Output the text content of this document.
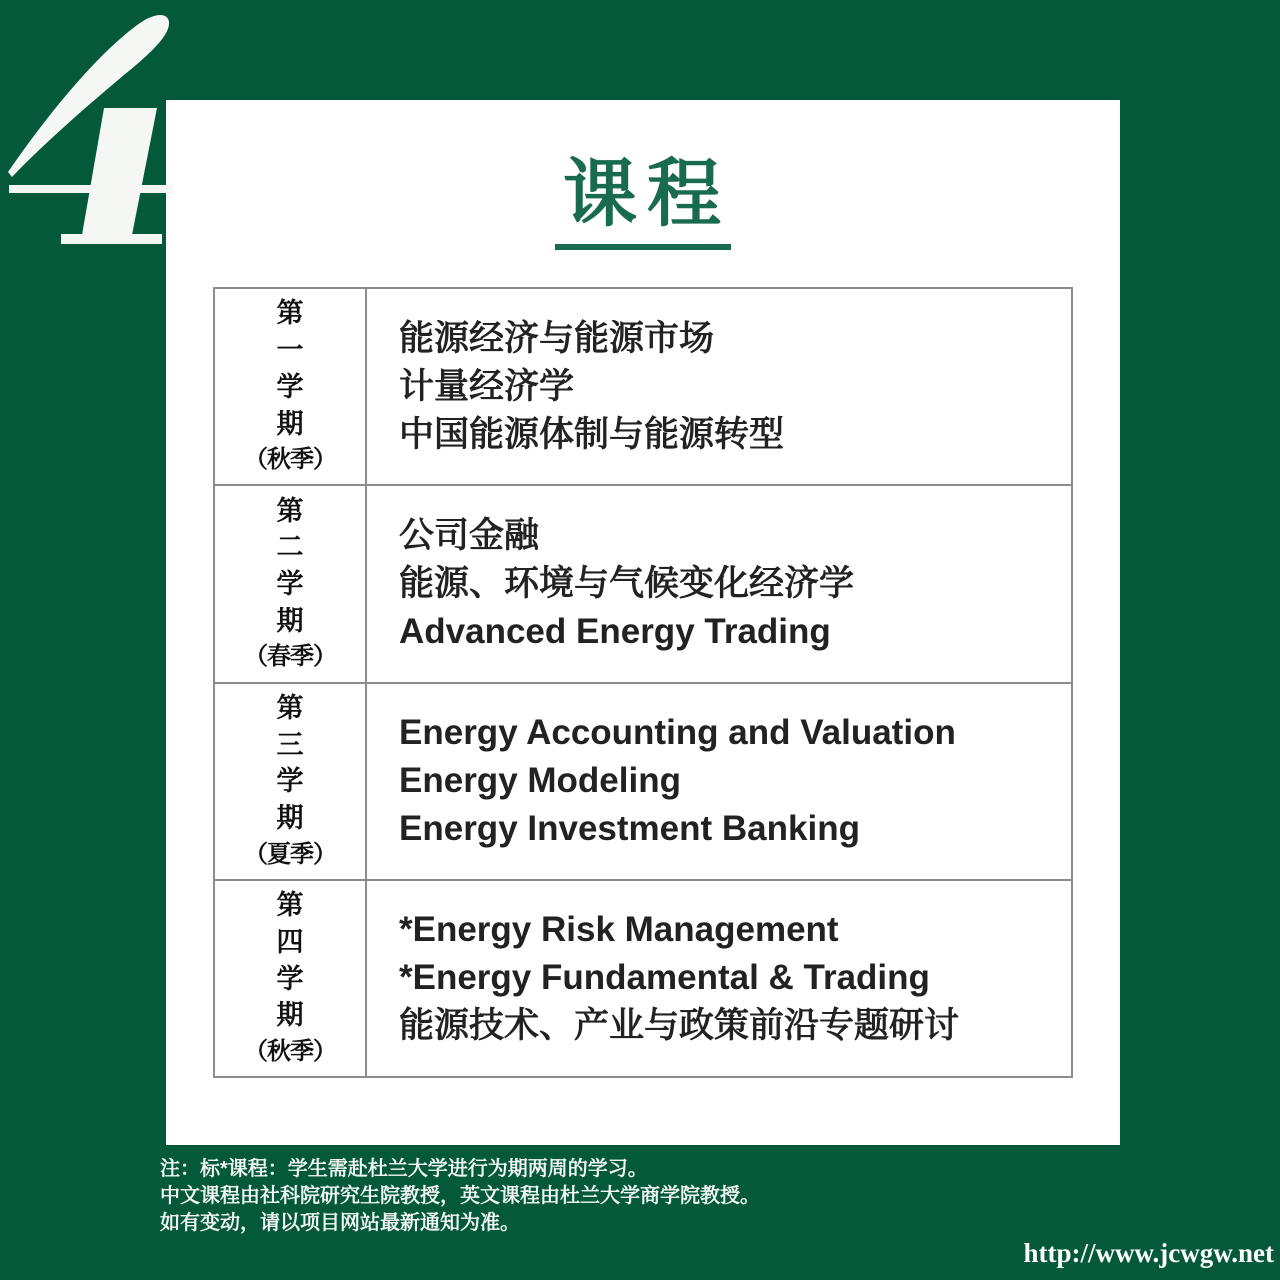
课程
第
一
学
期
（秋季）
能源经济与能源市场
计量经济学
中国能源体制与能源转型
第
二
学
期
（春季）
公司金融
能源、环境与气候变化经济学
Advanced Energy Trading
第
三
学
期
（夏季）
Energy Accounting and Valuation
Energy Modeling
Energy Investment Banking
第
四
学
期
（秋季）
*Energy Risk Management
*Energy Fundamental & Trading
能源技术、产业与政策前沿专题研讨
注：标*课程：学生需赴杜兰大学进行为期两周的学习。
中文课程由社科院研究生院教授，英文课程由杜兰大学商学院教授。
如有变动，请以项目网站最新通知为准。
http://www.jcwgw.net
